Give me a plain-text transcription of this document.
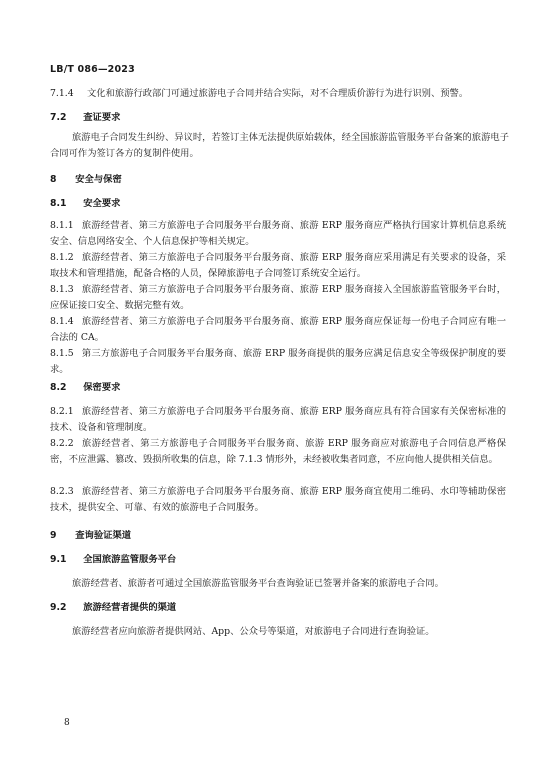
LB/T 086—2023
7.1.4 文化和旅游行政部门可通过旅游电子合同并结合实际，对不合理质价游行为进行识别、预警。
7.2 查证要求
旅游电子合同发生纠纷、异议时，若签订主体无法提供原始载体，经全国旅游监管服务平台备案的旅游电子合同可作为签订各方的复制件使用。
8 安全与保密
8.1 安全要求
8.1.1 旅游经营者、第三方旅游电子合同服务平台服务商、旅游 ERP 服务商应严格执行国家计算机信息系统安全、信息网络安全、个人信息保护等相关规定。
8.1.2 旅游经营者、第三方旅游电子合同服务平台服务商、旅游 ERP 服务商应采用满足有关要求的设备，采取技术和管理措施，配备合格的人员，保障旅游电子合同签订系统安全运行。
8.1.3 旅游经营者、第三方旅游电子合同服务平台服务商、旅游 ERP 服务商接入全国旅游监管服务平台时，应保证接口安全、数据完整有效。
8.1.4 旅游经营者、第三方旅游电子合同服务平台服务商、旅游 ERP 服务商应保证每一份电子合同应有唯一合法的 CA。
8.1.5 第三方旅游电子合同服务平台服务商、旅游 ERP 服务商提供的服务应满足信息安全等级保护制度的要求。
8.2 保密要求
8.2.1 旅游经营者、第三方旅游电子合同服务平台服务商、旅游 ERP 服务商应具有符合国家有关保密标准的技术、设备和管理制度。
8.2.2 旅游经营者、第三方旅游电子合同服务平台服务商、旅游 ERP 服务商应对旅游电子合同信息严格保密，不应泄露、篡改、毁损所收集的信息，除 7.1.3 情形外，未经被收集者同意，不应向他人提供相关信息。
8.2.3 旅游经营者、第三方旅游电子合同服务平台服务商、旅游 ERP 服务商宜使用二维码、水印等辅助保密技术，提供安全、可靠、有效的旅游电子合同服务。
9 查询验证渠道
9.1 全国旅游监管服务平台
旅游经营者、旅游者可通过全国旅游监管服务平台查询验证已签署并备案的旅游电子合同。
9.2 旅游经营者提供的渠道
旅游经营者应向旅游者提供网站、App、公众号等渠道，对旅游电子合同进行查询验证。
8
